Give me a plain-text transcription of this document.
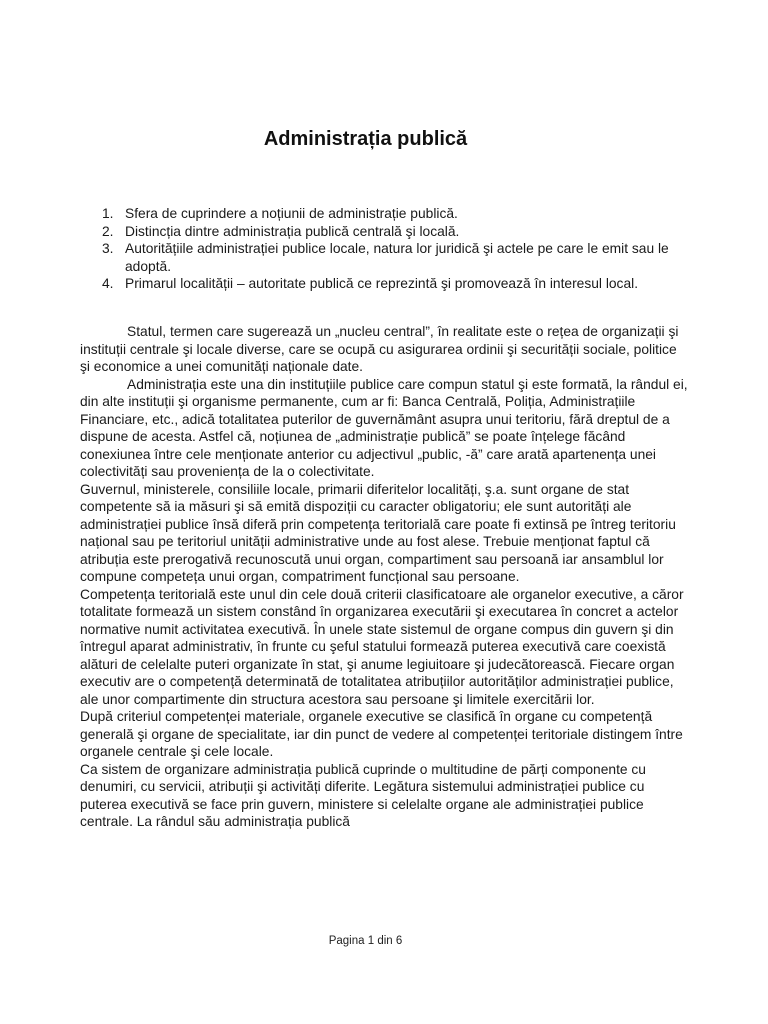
Administrația publică
1. Sfera de cuprindere a noțiunii de administrație publică.
2. Distincția dintre administrația publică centrală şi locală.
3. Autoritățiile administrației publice locale, natura lor juridică şi actele pe care le emit sau le adoptă.
4. Primarul localității – autoritate publică ce reprezintă şi promovează în interesul local.

Statul, termen care sugerează un „nucleu central”, în realitate este o rețea de organizații şi instituții centrale şi locale diverse, care se ocupă cu asigurarea ordinii şi securității sociale, politice şi economice a unei comunități naționale date.

Administrația este una din instituțiile publice care compun statul şi este formată, la rândul ei, din alte instituții şi organisme permanente, cum ar fi: Banca Centrală, Poliția, Administrațiile Financiare, etc., adică totalitatea puterilor de guvernământ asupra unui teritoriu, fără dreptul de a dispune de acesta. Astfel că, noțiunea de „administrație publică” se poate înțelege făcând conexiunea între cele menționate anterior cu adjectivul „public, -ă” care arată apartenența unei colectivități sau proveniența de la o colectivitate.

Guvernul, ministerele, consiliile locale, primarii diferitelor localități, ş.a. sunt organe de stat competente să ia măsuri şi să emită dispoziții cu caracter obligatoriu; ele sunt autorități ale administrației publice însă diferă prin competența teritorială care poate fi extinsă pe întreg teritoriu național sau pe teritoriul unității administrative unde au fost alese. Trebuie menționat faptul că atribuția este prerogativă recunoscută unui organ, compartiment sau persoană iar ansamblul lor compune competeța unui organ, compatriment funcțional sau persoane.

Competența teritorială este unul din cele două criterii clasificatoare ale organelor executive, a căror totalitate formează un sistem constând în organizarea executării şi executarea în concret a actelor normative numit activitatea executivă. În unele state sistemul de organe compus din guvern şi din întregul aparat administrativ, în frunte cu şeful statului formează puterea executivă care coexistă alături de celelalte puteri organizate în stat, şi anume legiuitoare şi judecătorească. Fiecare organ executiv are o competență determinată de totalitatea atribuțiilor autorităților administrației publice, ale unor compartimente din structura acestora sau persoane şi limitele exercitării lor.

După criteriul competenței materiale, organele executive se clasifică în organe cu competență generală şi organe de specialitate, iar din punct de vedere al competenței teritoriale distingem între organele centrale şi cele locale.

Ca sistem de organizare administrația publică cuprinde o multitudine de părți componente cu denumiri, cu servicii, atribuții şi activități diferite. Legătura sistemului administrației publice cu puterea executivă se face prin guvern, ministere si celelalte organe ale administrației publice centrale. La rândul său administrația publică

Pagina 1 din 6
